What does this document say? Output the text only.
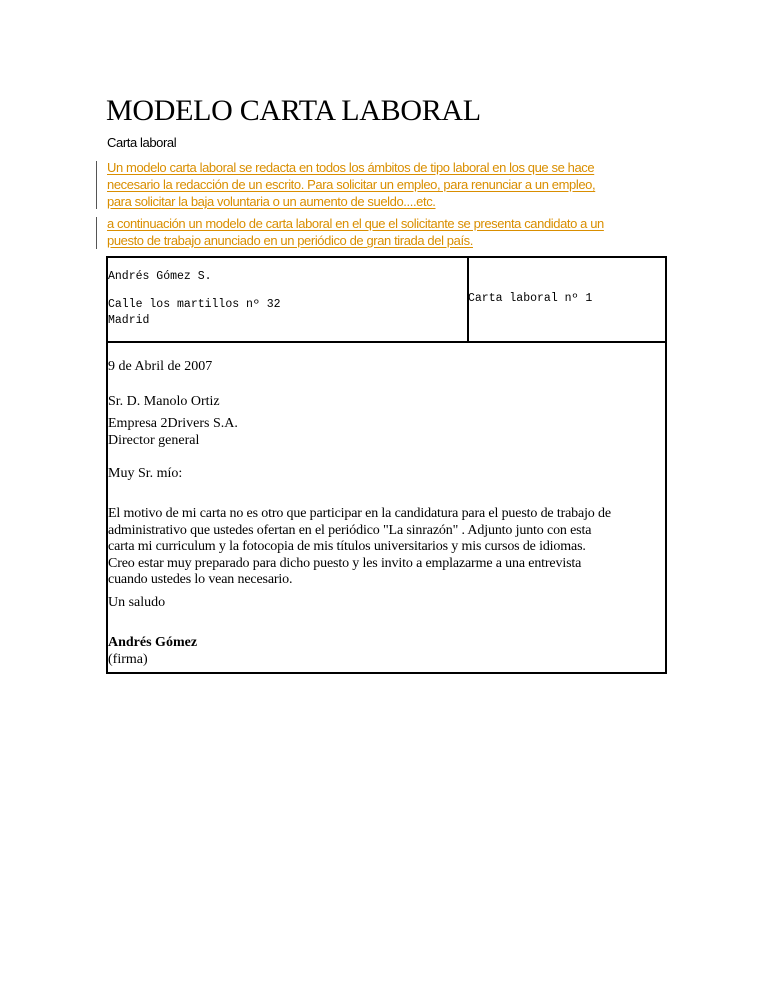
MODELO CARTA LABORAL
Carta laboral
Un modelo carta laboral se redacta en todos los ámbitos de tipo laboral en los que se hace
necesario la redacción de un escrito. Para solicitar un empleo, para renunciar a un empleo,
para solicitar la baja voluntaria o un aumento de sueldo....etc.
a continuación un modelo de carta laboral en el que el solicitante se presenta candidato a un
puesto de trabajo anunciado en un periódico de gran tirada del país.
Andrés Gómez S.
Calle los martillos nº 32
Madrid
Carta laboral nº 1
9 de Abril de 2007
Sr. D. Manolo Ortiz
Empresa 2Drivers S.A.
Director general
Muy Sr. mío:
El motivo de mi carta no es otro que participar en la candidatura para el puesto de trabajo de
administrativo que ustedes ofertan en el periódico "La sinrazón" . Adjunto junto con esta
carta mi curriculum y la fotocopia de mis títulos universitarios y mis cursos de idiomas.
Creo estar muy preparado para dicho puesto y les invito a emplazarme a una entrevista
cuando ustedes lo vean necesario.
Un saludo
Andrés Gómez
(firma)
